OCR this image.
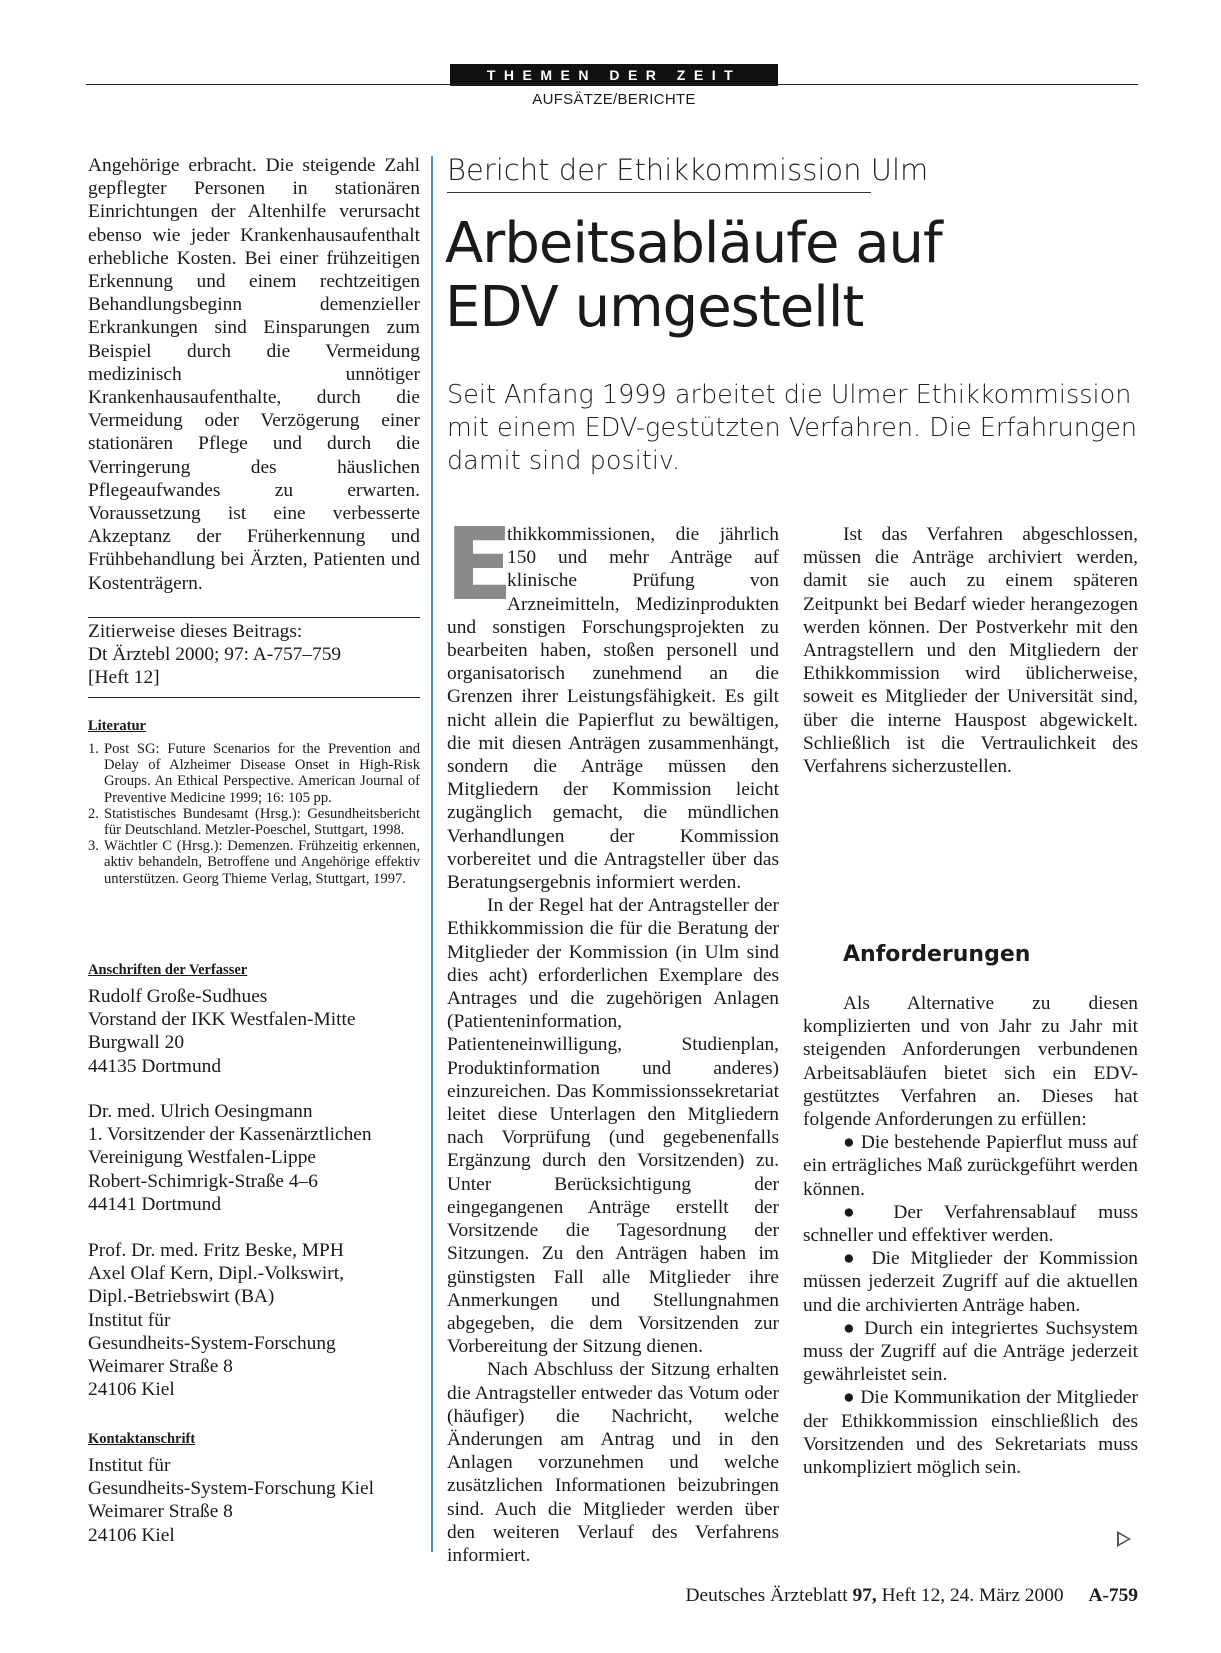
THEMEN DER ZEIT
AUFSÄTZE/BERICHTE
Angehörige erbracht. Die steigende Zahl gepflegter Personen in stationären Einrichtungen der Altenhilfe verursacht ebenso wie jeder Krankenhausaufenthalt erhebliche Kosten. Bei einer frühzeitigen Erkennung und einem rechtzeitigen Behandlungsbeginn demenzieller Erkrankungen sind Einsparungen zum Beispiel durch die Vermeidung medizinisch unnötiger Krankenhausaufenthalte, durch die Vermeidung oder Verzögerung einer stationären Pflege und durch die Verringerung des häuslichen Pflegeaufwandes zu erwarten. Voraussetzung ist eine verbesserte Akzeptanz der Früherkennung und Frühbehandlung bei Ärzten, Patienten und Kostenträgern.
Zitierweise dieses Beitrags:
Dt Ärztebl 2000; 97: A-757–759
[Heft 12]
Literatur
1. Post SG: Future Scenarios for the Prevention and Delay of Alzheimer Disease Onset in High-Risk Groups. An Ethical Perspective. American Journal of Preventive Medicine 1999; 16: 105 pp.
2. Statistisches Bundesamt (Hrsg.): Gesundheitsbericht für Deutschland. Metzler-Poeschel, Stuttgart, 1998.
3. Wächtler C (Hrsg.): Demenzen. Frühzeitig erkennen, aktiv behandeln, Betroffene und Angehörige effektiv unterstützen. Georg Thieme Verlag, Stuttgart, 1997.
Anschriften der Verfasser
Rudolf Große-Sudhues
Vorstand der IKK Westfalen-Mitte
Burgwall 20
44135 Dortmund
Dr. med. Ulrich Oesingmann
1. Vorsitzender der Kassenärztlichen
Vereinigung Westfalen-Lippe
Robert-Schimrigk-Straße 4–6
44141 Dortmund
Prof. Dr. med. Fritz Beske, MPH
Axel Olaf Kern, Dipl.-Volkswirt,
Dipl.-Betriebswirt (BA)
Institut für
Gesundheits-System-Forschung
Weimarer Straße 8
24106 Kiel
Kontaktanschrift
Institut für
Gesundheits-System-Forschung Kiel
Weimarer Straße 8
24106 Kiel
Bericht der Ethikkommission Ulm
Arbeitsabläufe auf
EDV umgestellt
Seit Anfang 1999 arbeitet die Ulmer Ethikkommission mit einem EDV-gestützten Verfahren. Die Erfahrungen damit sind positiv.

E
thikkommissionen, die jährlich 150 und mehr Anträge auf klinische Prüfung von Arzneimitteln, Medizinprodukten und sonstigen Forschungsprojekten zu bearbeiten haben, stoßen personell und organisatorisch zunehmend an die Grenzen ihrer Leistungsfähigkeit. Es gilt nicht allein die Papierflut zu bewältigen, die mit diesen Anträgen zusammenhängt, sondern die Anträge müssen den Mitgliedern der Kommission leicht zugänglich gemacht, die mündlichen Verhandlungen der Kommission vorbereitet und die Antragsteller über das Beratungsergebnis informiert werden.

In der Regel hat der Antragsteller der Ethikkommission die für die Beratung der Mitglieder der Kommission (in Ulm sind dies acht) erforderlichen Exemplare des Antrages und die zugehörigen Anlagen (Patienteninformation, Patienteneinwilligung, Studienplan, Produktinformation und anderes) einzureichen. Das Kommissionssekretariat leitet diese Unterlagen den Mitgliedern nach Vorprüfung (und gegebenenfalls Ergänzung durch den Vorsitzenden) zu. Unter Berücksichtigung der eingegangenen Anträge erstellt der Vorsitzende die Tagesordnung der Sitzungen. Zu den Anträgen haben im günstigsten Fall alle Mitglieder ihre Anmerkungen und Stellungnahmen abgegeben, die dem Vorsitzenden zur Vorbereitung der Sitzung dienen.

Nach Abschluss der Sitzung erhalten die Antragsteller entweder das Votum oder (häufiger) die Nachricht, welche Änderungen am Antrag und in den Anlagen vorzunehmen und welche zusätzlichen Informationen beizubringen sind. Auch die Mitglieder werden über den weiteren Verlauf des Verfahrens informiert.

Ist das Verfahren abgeschlossen, müssen die Anträge archiviert werden, damit sie auch zu einem späteren Zeitpunkt bei Bedarf wieder herangezogen werden können. Der Postverkehr mit den Antragstellern und den Mitgliedern der Ethikkommission wird üblicherweise, soweit es Mitglieder der Universität sind, über die interne Hauspost abgewickelt. Schließlich ist die Vertraulichkeit des Verfahrens sicherzustellen.

Anforderungen

Als Alternative zu diesen komplizierten und von Jahr zu Jahr mit steigenden Anforderungen verbundenen Arbeitsabläufen bietet sich ein EDV-gestütztes Verfahren an. Dieses hat folgende Anforderungen zu erfüllen:

● Die bestehende Papierflut muss auf ein erträgliches Maß zurückgeführt werden können.

● Der Verfahrensablauf muss schneller und effektiver werden.

● Die Mitglieder der Kommission müssen jederzeit Zugriff auf die aktuellen und die archivierten Anträge haben.

● Durch ein integriertes Suchsystem muss der Zugriff auf die Anträge jederzeit gewährleistet sein.

● Die Kommunikation der Mitglieder der Ethikkommission einschließlich des Vorsitzenden und des Sekretariats muss unkompliziert möglich sein.

Deutsches Ärzteblatt 97, Heft 12, 24. März 2000 A-759
